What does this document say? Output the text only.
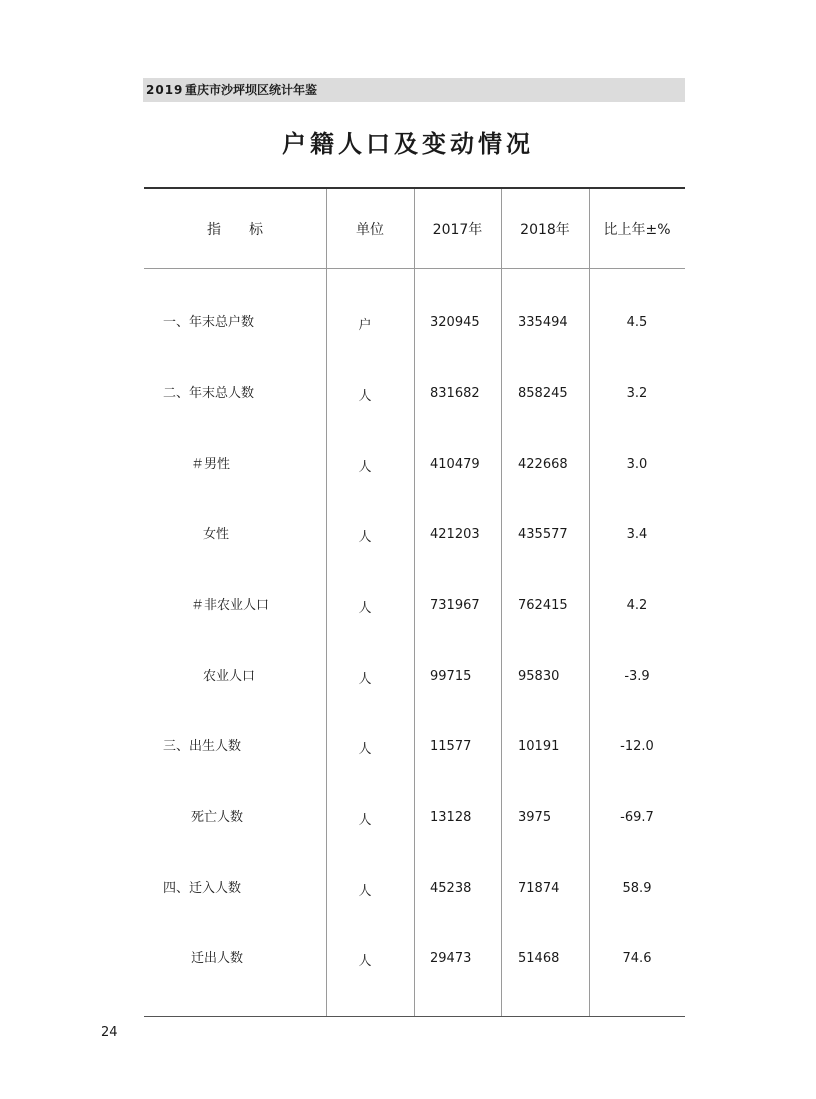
2019 重庆市沙坪坝区统计年鉴
户籍人口及变动情况
指　　标	单位	2017年	2018年	比上年±%
一、年末总户数	户	320945	335494	4.5
二、年末总人数	人	831682	858245	3.2
＃男性	人	410479	422668	3.0
女性	人	421203	435577	3.4
＃非农业人口	人	731967	762415	4.2
农业人口	人	99715	95830	-3.9
三、出生人数	人	11577	10191	-12.0
死亡人数	人	13128	3975	-69.7
四、迁入人数	人	45238	71874	58.9
迁出人数	人	29473	51468	74.6
24
